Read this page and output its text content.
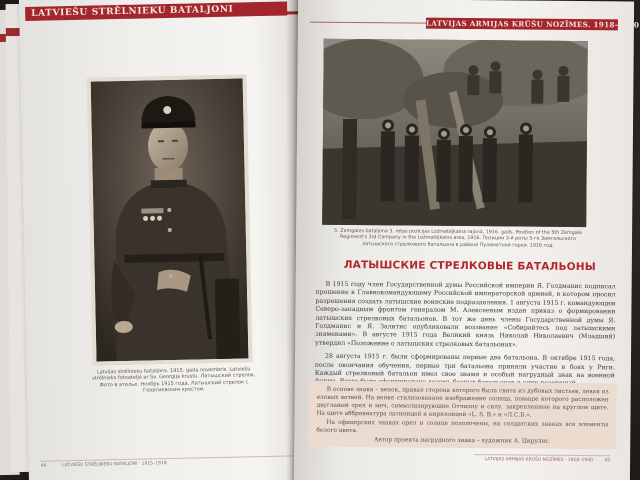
LATVIEŠU STRĒLNIEKU BATALJONI
Latvijas strēlnieku bataljons. 1915. gada novembris. Latviešu strēlnieks fotoateljē ar Sv. Georgija krustu. Латышский стрелок. Фото в ателье. Ноябрь 1915 года. Латышский стрелок с Георгиевским крестом.
44	LATVIEŠU STRĒLNIEKU BATALJONI · 1915–1918
LATVIJAS ARMIJAS KRŪŠU NOZĪMES. 1918-1940
5. Zemgales bataljona 3. rotas pozīcijas Ložmetējkalna rajonā, 1916. gads. Position of the 5th Zemgale Regiment's 3rd Company in the Ložmetējkalns area, 1916. Позиции 3-й роты 5-го Земгальского латышского стрелкового батальона в районе Пулеметной горки. 1916 год.
ЛАТЫШСКИЕ СТРЕЛКОВЫЕ БАТАЛЬОНЫ

В 1915 году член Государственной думы Российской империи Я. Голдманис подписал прошение к Главнокомандующему Российской императорской армией, в котором просил разрешения создать латышские воинские подразделения. 1 августа 1915 г. командующим Северо-западным фронтом генералом М. Алексеевым издан приказ о формировании латышских стрелковых батальонов. В тот же день члены Государственной думы Я. Голдманис и Я. Залитис опубликовали воззвание «Собирайтесь под латышскими знаменами». В августе 1915 года Великий князь Николай Николаевич (Младший) утвердил «Положение о латышских стрелковых батальонах».

28 августа 1915 г. были сформированы первые два батальона. В октябре 1915 года, после окончания обучения, первые три батальона приняли участие в боях у Риги. Каждый стрелковый батальон имел свое знамя и особый нагрудный знак на военной

В основе знака – венок, правая сторона которого была свита из дубовых листьев, левая из еловых ветвей. На венке стилизованное изображение солнца, повыше которого расположен двуглавый орел и меч, символизирующие Отчизну и силу, закрепленные на круглом щите. На щите аббревиатура латиницей и кириллицей «L. S. B.» и «Л.С.Б.».

На офицерских знаках орел и солнце позолочены, на солдатских знаках все элементы белого цвета.

Автор проекта нагрудного знака – художник А. Цирулис.

LATVIJAS ARMIJAS KRŪŠU NOZĪMES · 1918–1940	45
